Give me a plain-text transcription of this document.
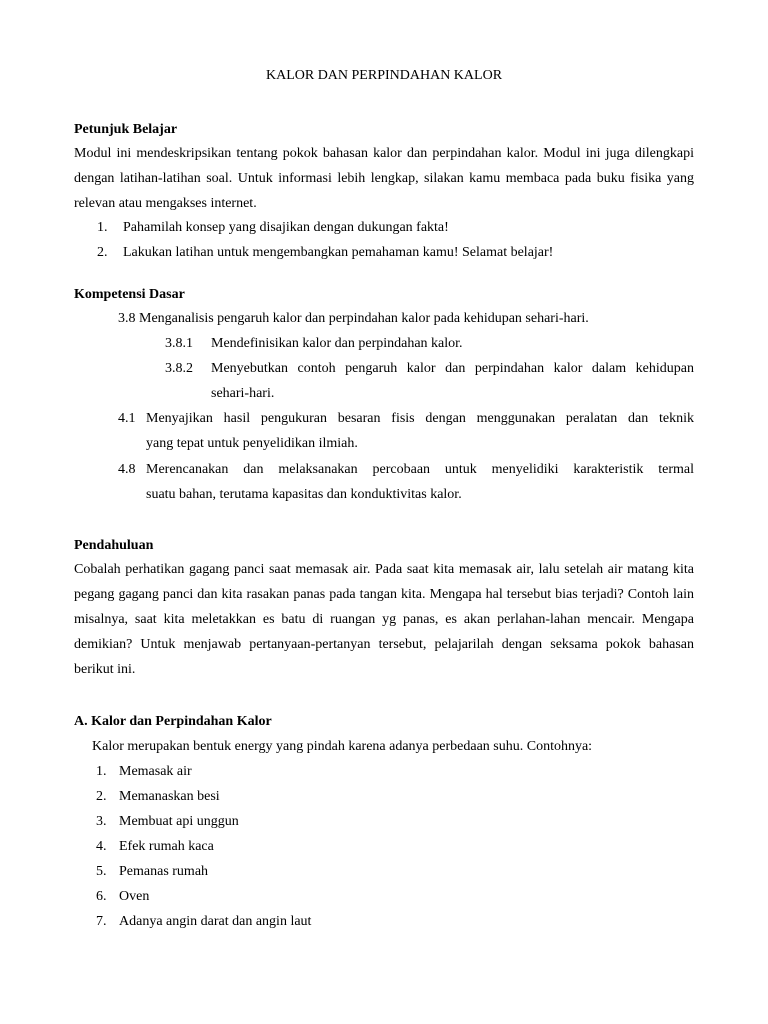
KALOR DAN PERPINDAHAN KALOR
Petunjuk Belajar
Modul ini mendeskripsikan tentang pokok bahasan kalor dan perpindahan kalor. Modul ini juga dilengkapi dengan latihan-latihan soal. Untuk informasi lebih lengkap, silakan kamu membaca pada buku fisika yang relevan atau mengakses internet.
1. Pahamilah konsep yang disajikan dengan dukungan fakta!
2. Lakukan latihan untuk mengembangkan pemahaman kamu! Selamat belajar!
Kompetensi Dasar
3.8 Menganalisis pengaruh kalor dan perpindahan kalor pada kehidupan sehari-hari.
3.8.1 Mendefinisikan kalor dan perpindahan kalor.
3.8.2 Menyebutkan contoh pengaruh kalor dan perpindahan kalor dalam kehidupan
sehari-hari.
4.1 Menyajikan hasil pengukuran besaran fisis dengan menggunakan peralatan dan teknik
yang tepat untuk penyelidikan ilmiah.
4.8 Merencanakan dan melaksanakan percobaan untuk menyelidiki karakteristik termal
suatu bahan, terutama kapasitas dan konduktivitas kalor.
Pendahuluan
Cobalah perhatikan gagang panci saat memasak air. Pada saat kita memasak air, lalu setelah air matang kita pegang gagang panci dan kita rasakan panas pada tangan kita. Mengapa hal tersebut bias terjadi? Contoh lain misalnya, saat kita meletakkan es batu di ruangan yg panas, es akan perlahan-lahan mencair. Mengapa demikian? Untuk menjawab pertanyaan-pertanyan tersebut, pelajarilah dengan seksama pokok bahasan berikut ini.
A. Kalor dan Perpindahan Kalor
Kalor merupakan bentuk energy yang pindah karena adanya perbedaan suhu. Contohnya:
1. Memasak air
2. Memanaskan besi
3. Membuat api unggun
4. Efek rumah kaca
5. Pemanas rumah
6. Oven
7. Adanya angin darat dan angin laut
